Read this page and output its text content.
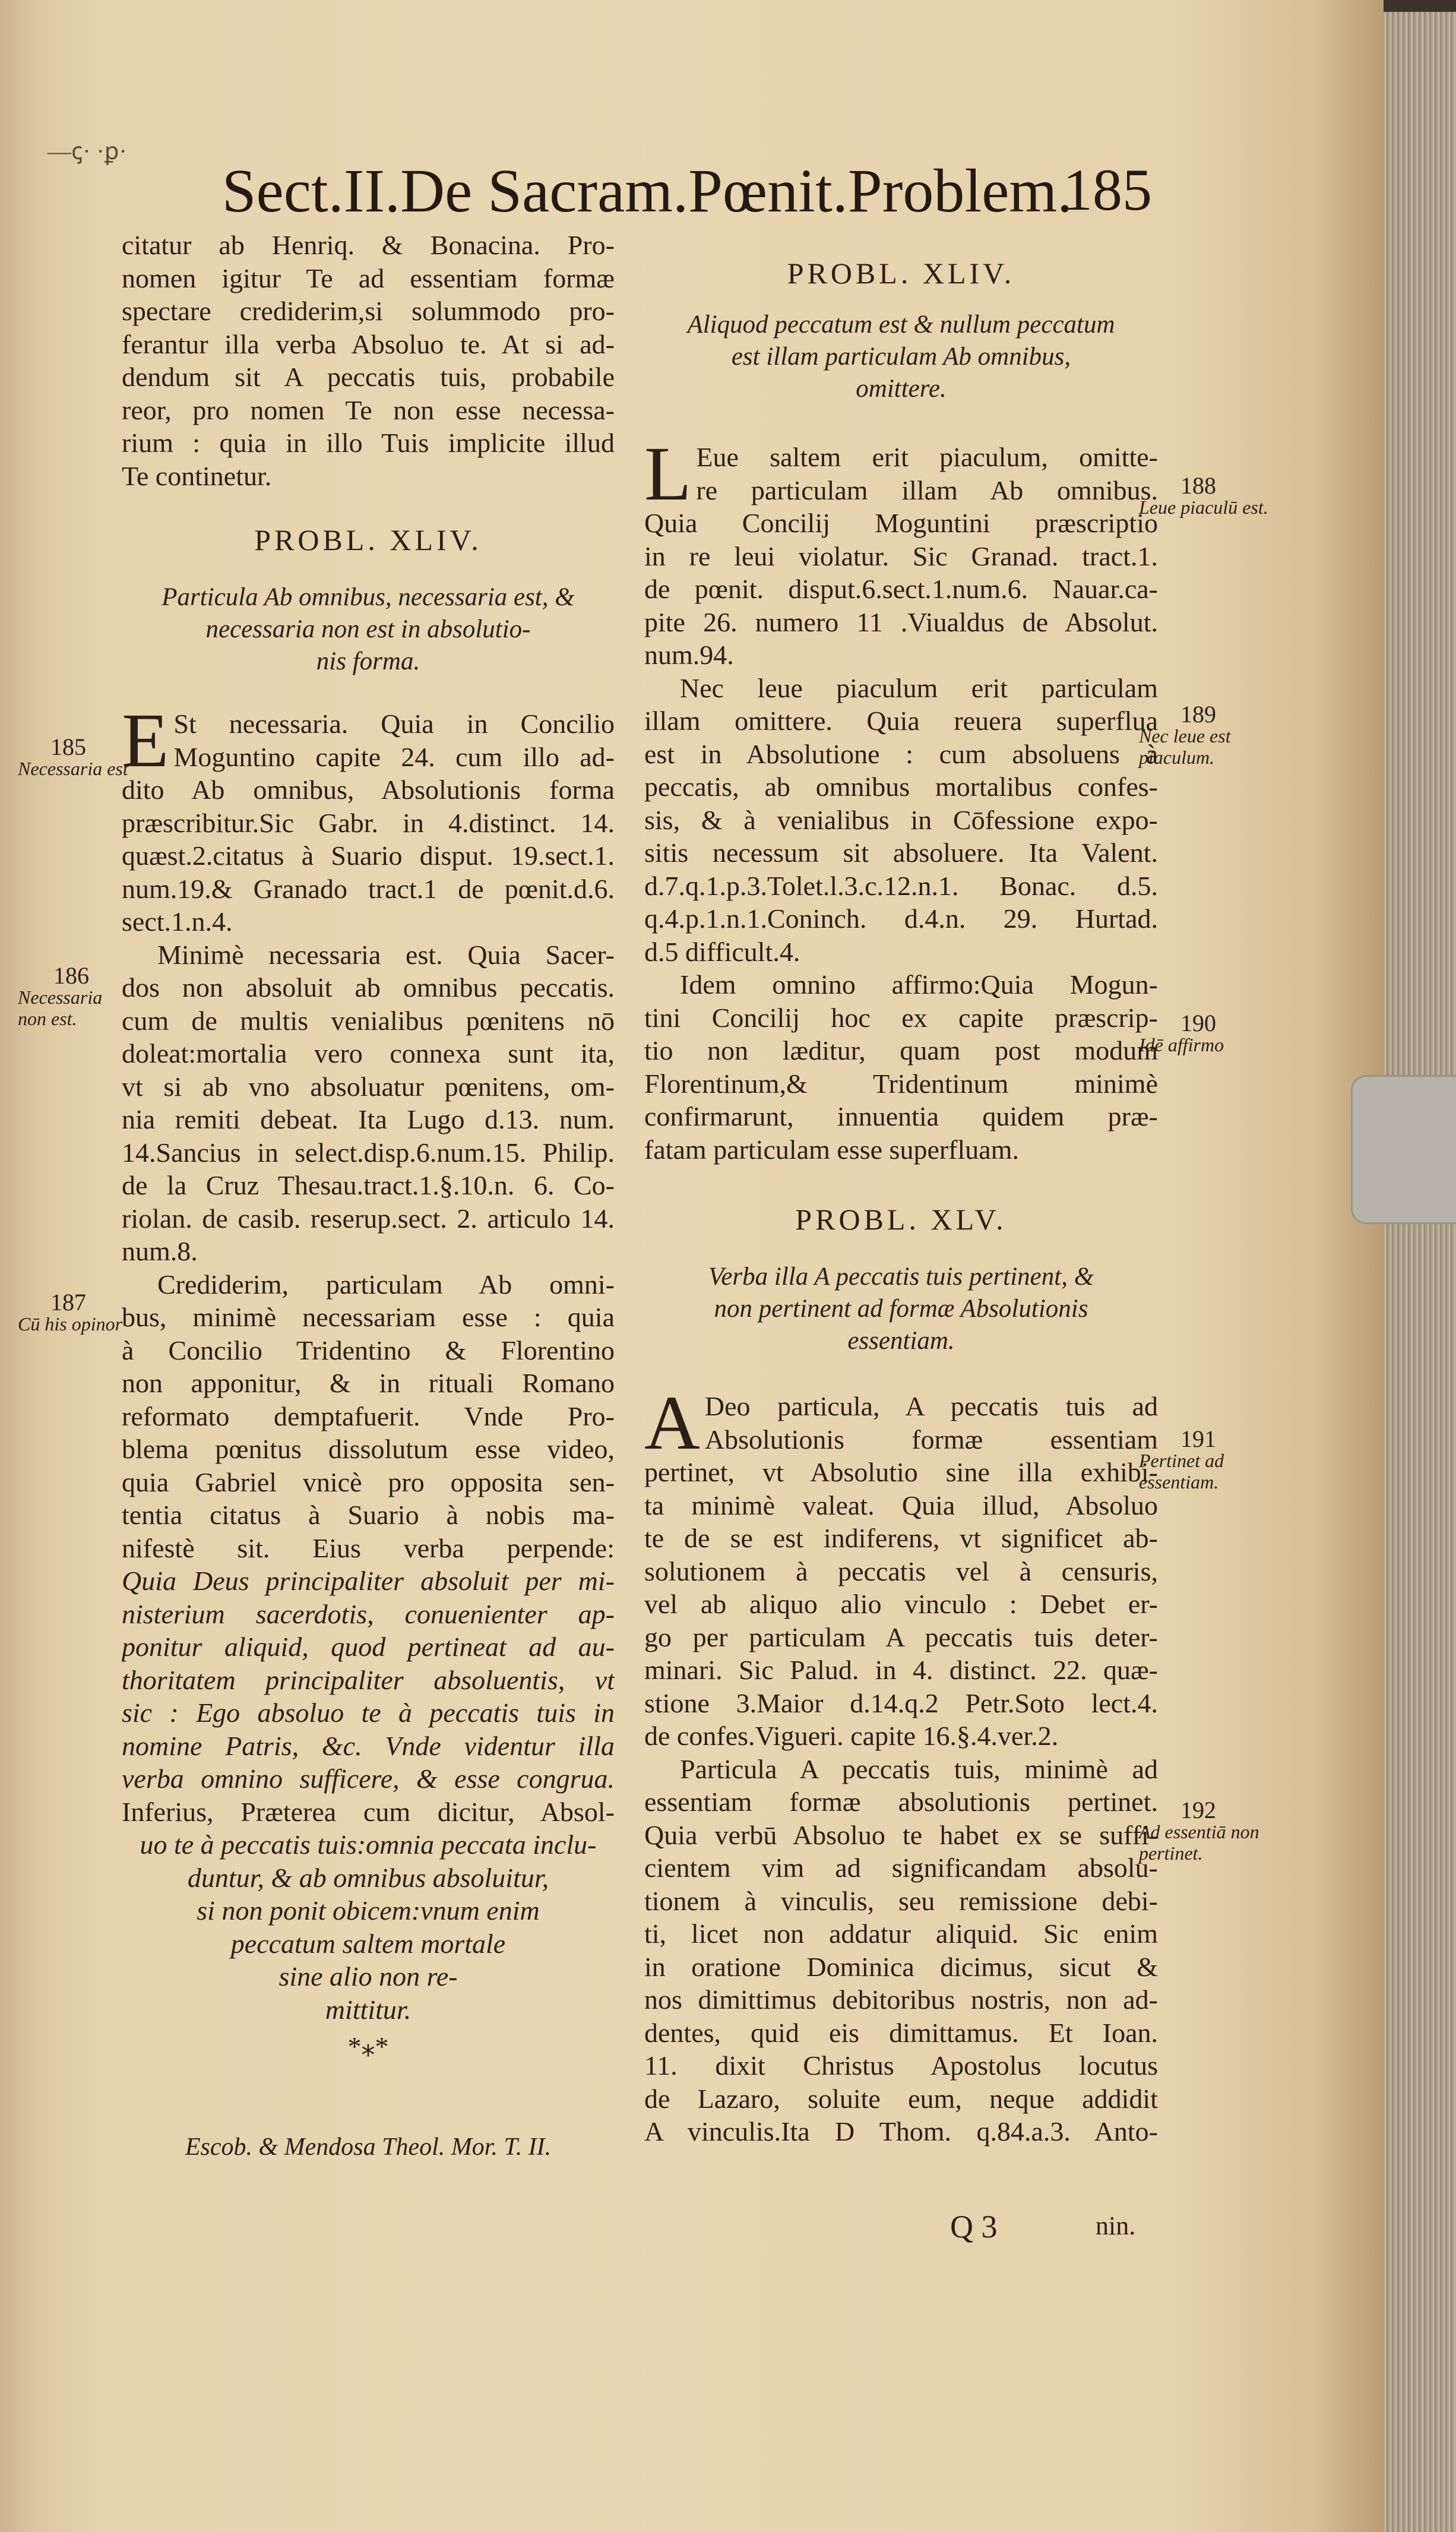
—ꞔ· ·ꝑ·
Sect.II.De Sacram.Pœnit.Problem.
185
citatur ab Henriq. & Bonacina. Pro-
nomen igitur Te ad essentiam formæ
spectare crediderim,si solummodo pro-
ferantur illa verba Absoluo te. At si ad-
dendum sit A peccatis tuis, probabile
reor, pro nomen Te non esse necessa-
rium : quia in illo Tuis implicite illud
Te continetur.
PROBL. XLIV.
Particula Ab omnibus, necessaria est, &
necessaria non est in absolutio-
nis forma.
E St necessaria. Quia in Concilio
Moguntino capite 24. cum illo ad-
dito Ab omnibus, Absolutionis forma
præscribitur.Sic Gabr. in 4.distinct. 14.
quæst.2.citatus à Suario disput. 19.sect.1.
num.19.& Granado tract.1 de pœnit.d.6.
sect.1.n.4.
Minimè necessaria est. Quia Sacer-
dos non absoluit ab omnibus peccatis.
cum de multis venialibus pœnitens nō
doleat:mortalia vero connexa sunt ita,
vt si ab vno absoluatur pœnitens, om-
nia remiti debeat. Ita Lugo d.13. num.
14.Sancius in select.disp.6.num.15. Philip.
de la Cruz Thesau.tract.1.§.10.n. 6. Co-
riolan. de casib. reserup.sect. 2. articulo 14.
num.8.
Crediderim, particulam Ab omni-
bus, minimè necessariam esse : quia
à Concilio Tridentino & Florentino
non apponitur, & in rituali Romano
reformato demptafuerit. Vnde Pro-
blema pœnitus dissolutum esse video,
quia Gabriel vnicè pro opposita sen-
tentia citatus à Suario à nobis ma-
nifestè sit. Eius verba perpende:
Quia Deus principaliter absoluit per mi-
nisterium sacerdotis, conuenienter ap-
ponitur aliquid, quod pertineat ad au-
thoritatem principaliter absoluentis, vt
sic : Ego absoluo te à peccatis tuis in
nomine Patris, &c. Vnde videntur illa
verba omnino sufficere, & esse congrua.
Inferius, Præterea cum dicitur, Absol-
uo te à peccatis tuis:omnia peccata inclu-
duntur, & ab omnibus absoluitur,
si non ponit obicem:vnum enim
peccatum saltem mortale
sine alio non re-
mittitur.
*⁎*
Escob. & Mendosa Theol. Mor. T. II.
PROBL. XLIV.
Aliquod peccatum est & nullum peccatum
est illam particulam Ab omnibus,
omittere.
L Eue saltem erit piaculum, omitte-
re particulam illam Ab omnibus.
Quia Concilij Moguntini præscriptio
in re leui violatur. Sic Granad. tract.1.
de pœnit. disput.6.sect.1.num.6. Nauar.ca-
pite 26. numero 11 .Viualdus de Absolut.
num.94.
Nec leue piaculum erit particulam
illam omittere. Quia reuera superflua
est in Absolutione : cum absoluens à
peccatis, ab omnibus mortalibus confes-
sis, & à venialibus in Cōfessione expo-
sitis necessum sit absoluere. Ita Valent.
d.7.q.1.p.3.Tolet.l.3.c.12.n.1. Bonac. d.5.
q.4.p.1.n.1.Coninch. d.4.n. 29. Hurtad.
d.5 difficult.4.
Idem omnino affirmo:Quia Mogun-
tini Concilij hoc ex capite præscrip-
tio non læditur, quam post modum
Florentinum,& Tridentinum minimè
confirmarunt, innuentia quidem præ-
fatam particulam esse superfluam.
PROBL. XLV.
Verba illa A peccatis tuis pertinent, &
non pertinent ad formæ Absolutionis
essentiam.
A Deo particula, A peccatis tuis ad
Absolutionis formæ essentiam
pertinet, vt Absolutio sine illa exhibi-
ta minimè valeat. Quia illud, Absoluo
te de se est indiferens, vt significet ab-
solutionem à peccatis vel à censuris,
vel ab aliquo alio vinculo : Debet er-
go per particulam A peccatis tuis deter-
minari. Sic Palud. in 4. distinct. 22. quæ-
stione 3.Maior d.14.q.2 Petr.Soto lect.4.
de confes.Vigueri. capite 16.§.4.ver.2.
Particula A peccatis tuis, minimè ad
essentiam formæ absolutionis pertinet.
Quia verbū Absoluo te habet ex se suffi-
cientem vim ad significandam absolu-
tionem à vinculis, seu remissione debi-
ti, licet non addatur aliquid. Sic enim
in oratione Dominica dicimus, sicut &
nos dimittimus debitoribus nostris, non ad-
dentes, quid eis dimittamus. Et Ioan.
11. dixit Christus Apostolus locutus
de Lazaro, soluite eum, neque addidit
A vinculis.Ita D Thom. q.84.a.3. Anto-
Q 3	nin.
185
Necessaria est
186
Necessaria non est.
187
Cū his opinor
188
Leue piaculū est.
189
Nec leue est piaculum.
190
Idē affirmo
191
Pertinet ad essentiam.
192
Ad essentiā non pertinet.
